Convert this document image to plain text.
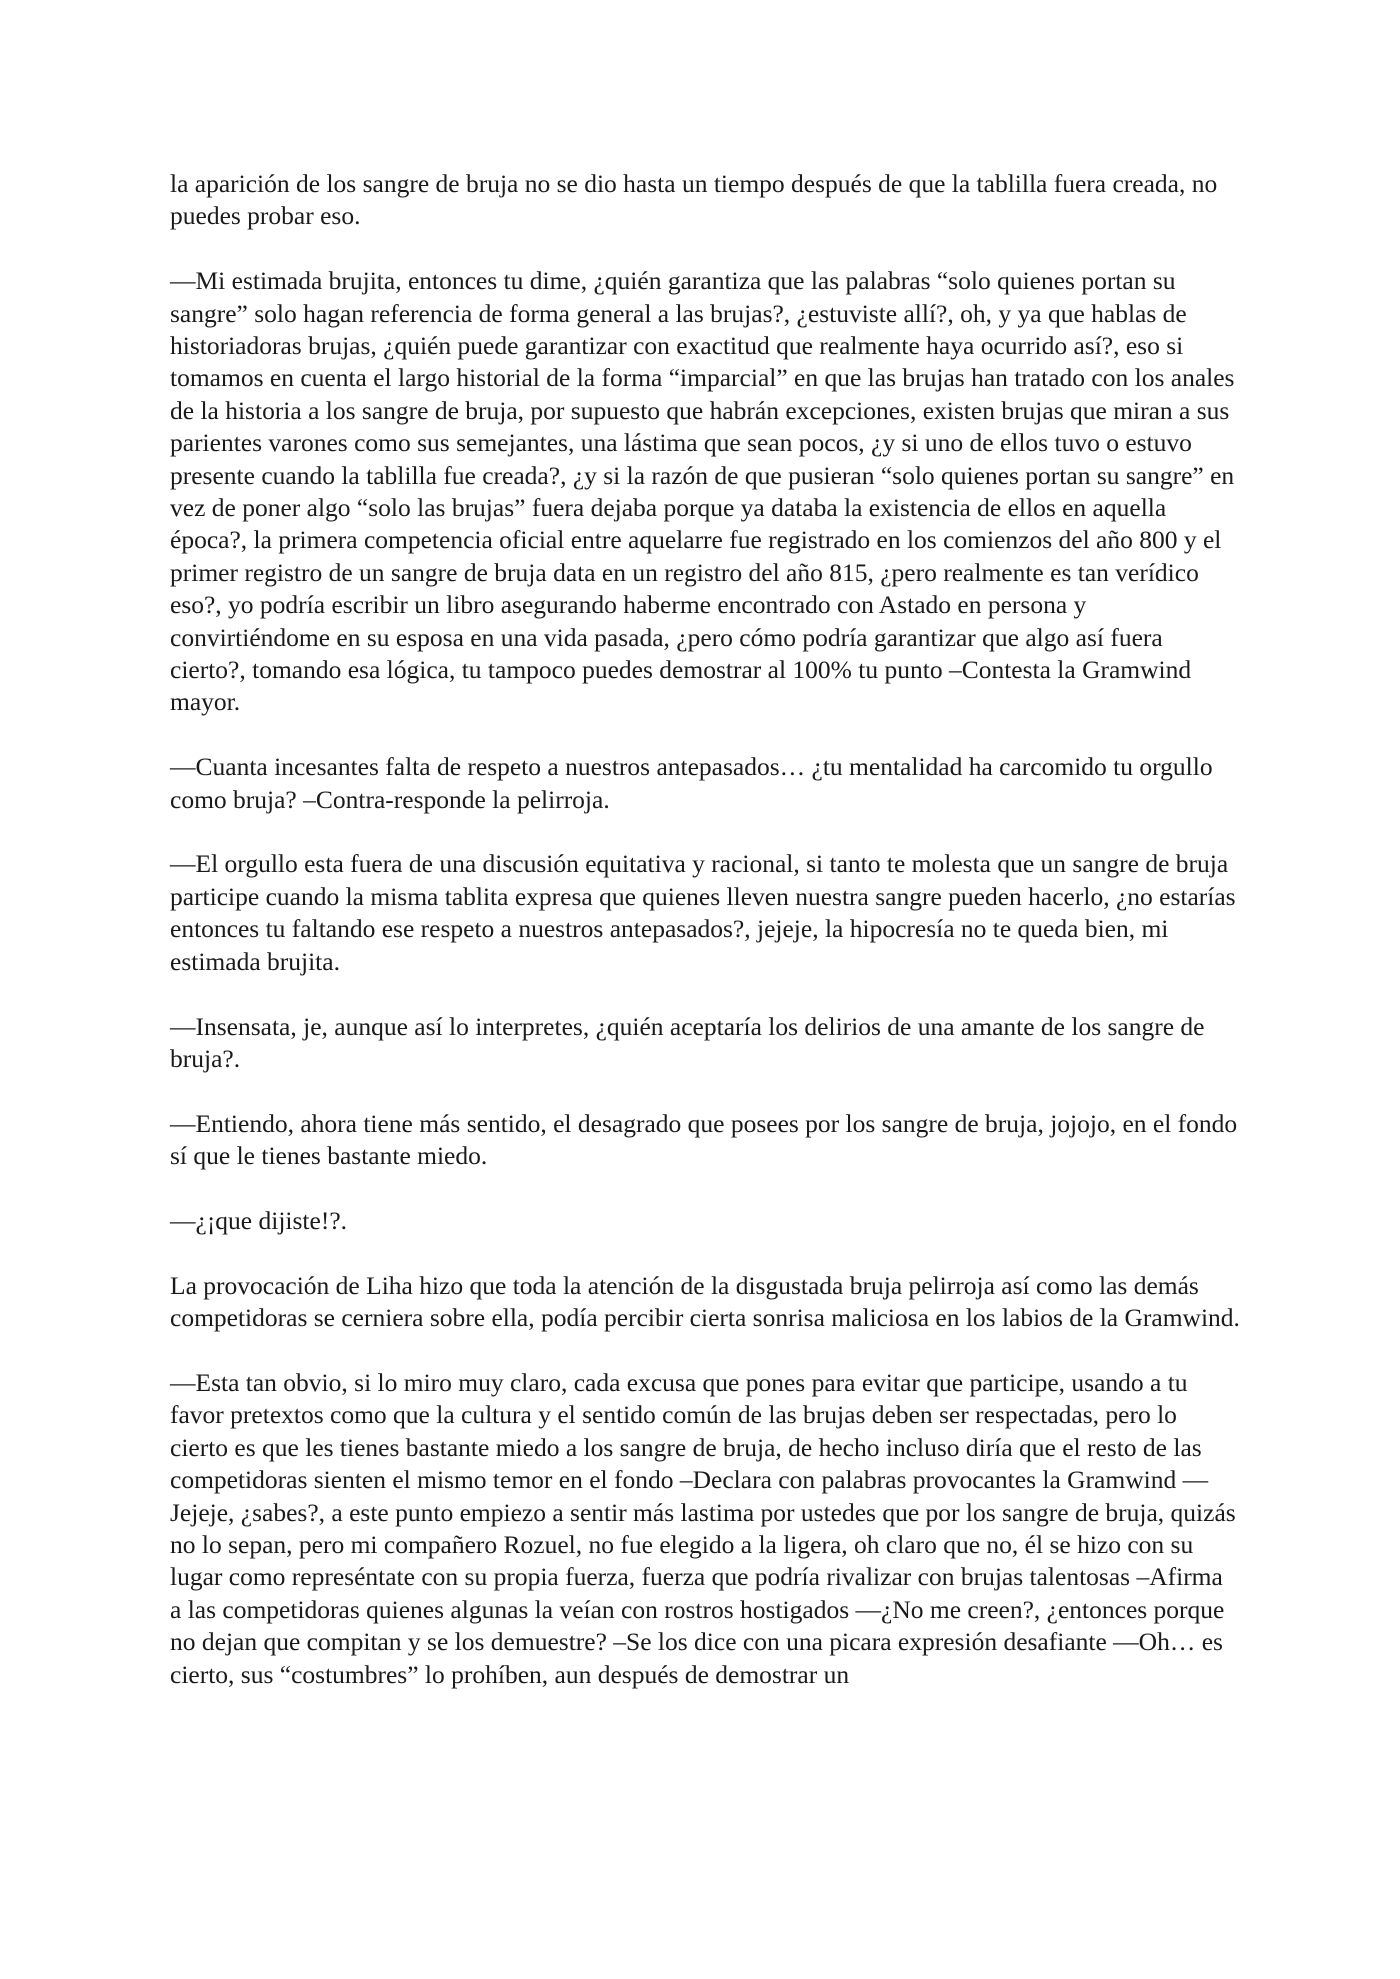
la aparición de los sangre de bruja no se dio hasta un tiempo después de que la tablilla fuera creada, no puedes probar eso.

—Mi estimada brujita, entonces tu dime, ¿quién garantiza que las palabras “solo quienes portan su sangre” solo hagan referencia de forma general a las brujas?, ¿estuviste allí?, oh, y ya que hablas de historiadoras brujas, ¿quién puede garantizar con exactitud que realmente haya ocurrido así?, eso si tomamos en cuenta el largo historial de la forma “imparcial” en que las brujas han tratado con los anales de la historia a los sangre de bruja, por supuesto que habrán excepciones, existen brujas que miran a sus parientes varones como sus semejantes, una lástima que sean pocos, ¿y si uno de ellos tuvo o estuvo presente cuando la tablilla fue creada?, ¿y si la razón de que pusieran “solo quienes portan su sangre” en vez de poner algo “solo las brujas” fuera dejaba porque ya databa la existencia de ellos en aquella época?, la primera competencia oficial entre aquelarre fue registrado en los comienzos del año 800 y el primer registro de un sangre de bruja data en un registro del año 815, ¿pero realmente es tan verídico eso?, yo podría escribir un libro asegurando haberme encontrado con Astado en persona y convirtiéndome en su esposa en una vida pasada, ¿pero cómo podría garantizar que algo así fuera cierto?, tomando esa lógica, tu tampoco puedes demostrar al 100% tu punto –Contesta la Gramwind mayor.

—Cuanta incesantes falta de respeto a nuestros antepasados… ¿tu mentalidad ha carcomido tu orgullo como bruja? –Contra-responde la pelirroja.

—El orgullo esta fuera de una discusión equitativa y racional, si tanto te molesta que un sangre de bruja participe cuando la misma tablita expresa que quienes lleven nuestra sangre pueden hacerlo, ¿no estarías entonces tu faltando ese respeto a nuestros antepasados?, jejeje, la hipocresía no te queda bien, mi estimada brujita.

—Insensata, je, aunque así lo interpretes, ¿quién aceptaría los delirios de una amante de los sangre de bruja?.

—Entiendo, ahora tiene más sentido, el desagrado que posees por los sangre de bruja, jojojo, en el fondo sí que le tienes bastante miedo.

—¿¡que dijiste!?.

La provocación de Liha hizo que toda la atención de la disgustada bruja pelirroja así como las demás competidoras se cerniera sobre ella, podía percibir cierta sonrisa maliciosa en los labios de la Gramwind.

—Esta tan obvio, si lo miro muy claro, cada excusa que pones para evitar que participe, usando a tu favor pretextos como que la cultura y el sentido común de las brujas deben ser respectadas, pero lo cierto es que les tienes bastante miedo a los sangre de bruja, de hecho incluso diría que el resto de las competidoras sienten el mismo temor en el fondo –Declara con palabras provocantes la Gramwind —Jejeje, ¿sabes?, a este punto empiezo a sentir más lastima por ustedes que por los sangre de bruja, quizás no lo sepan, pero mi compañero Rozuel, no fue elegido a la ligera, oh claro que no, él se hizo con su lugar como represéntate con su propia fuerza, fuerza que podría rivalizar con brujas talentosas –Afirma a las competidoras quienes algunas la veían con rostros hostigados —¿No me creen?, ¿entonces porque no dejan que compitan y se los demuestre? –Se los dice con una picara expresión desafiante —Oh… es cierto, sus “costumbres” lo prohíben, aun después de demostrar un
